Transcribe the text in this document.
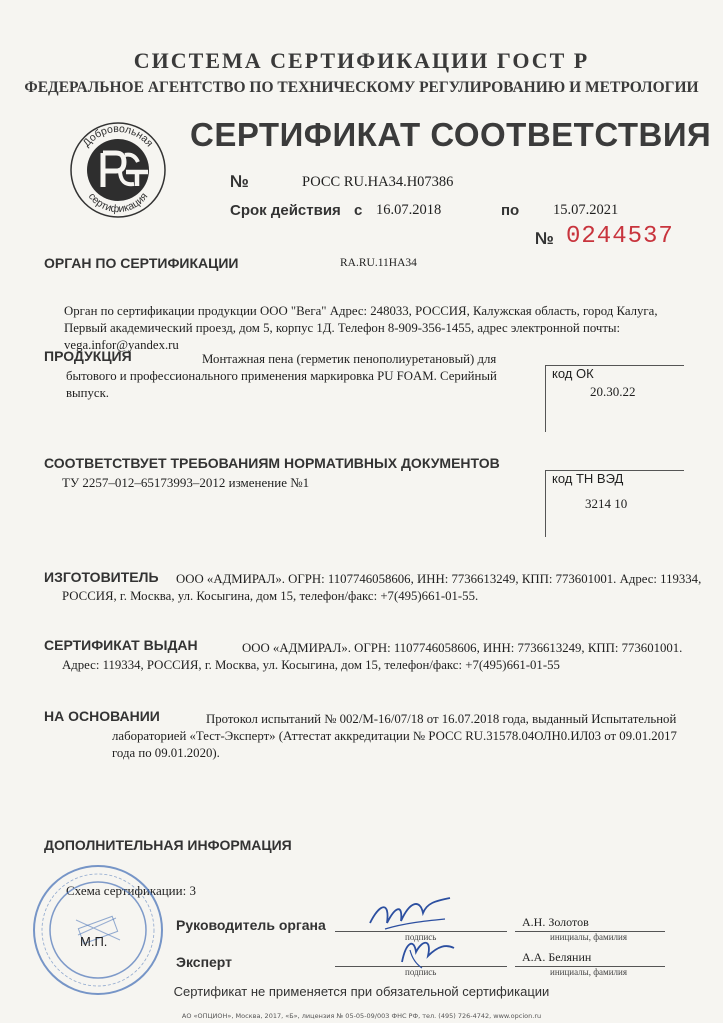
СИСТЕМА СЕРТИФИКАЦИИ ГОСТ Р
ФЕДЕРАЛЬНОЕ АГЕНТСТВО ПО ТЕХНИЧЕСКОМУ РЕГУЛИРОВАНИЮ И МЕТРОЛОГИИ
Добровольная
сертификация
СЕРТИФИКАТ СООТВЕТСТВИЯ
№	РОСС RU.HA34.H07386
Срок действия с 16.07.2018	по 15.07.2021
№ 0244537
ОРГАН ПО СЕРТИФИКАЦИИ	RA.RU.11HA34
Орган по сертификации продукции ООО "Вега" Адрес: 248033, РОССИЯ, Калужская область, город Калуга, Первый академический проезд, дом 5, корпус 1Д. Телефон 8-909-356-1455, адрес электронной почты: vega.infor@yandex.ru
ПРОДУКЦИЯ	Монтажная пена (герметик пенополиуретановый) для бытового и профессионального применения маркировка PU FOAM. Серийный выпуск.
код ОК
20.30.22
СООТВЕТСТВУЕТ ТРЕБОВАНИЯМ НОРМАТИВНЫХ ДОКУМЕНТОВ
ТУ 2257–012–65173993–2012 изменение №1	код ТН ВЭД
3214 10
ИЗГОТОВИТЕЛЬ	ООО «АДМИРАЛ». ОГРН: 1107746058606, ИНН: 7736613249, КПП: 773601001. Адрес: 119334, РОССИЯ, г. Москва, ул. Косыгина, дом 15, телефон/факс: +7(495)661-01-55.
СЕРТИФИКАТ ВЫДАН	ООО «АДМИРАЛ». ОГРН: 1107746058606, ИНН: 7736613249, КПП: 773601001. Адрес: 119334, РОССИЯ, г. Москва, ул. Косыгина, дом 15, телефон/факс: +7(495)661-01-55
НА ОСНОВАНИИ	Протокол испытаний № 002/М-16/07/18 от 16.07.2018 года, выданный Испытательной лабораторией «Тест-Эксперт» (Аттестат аккредитации № РОСС RU.31578.04ОЛН0.ИЛ03 от 09.01.2017 года по 09.01.2020).
ДОПОЛНИТЕЛЬНАЯ ИНФОРМАЦИЯ
Схема сертификации: 3
М.П.
Руководитель органа
подпись
А.Н. Золотов
инициалы, фамилия
Эксперт
подпись
А.А. Белянин
инициалы, фамилия
Сертификат не применяется при обязательной сертификации
АО «ОПЦИОН», Москва, 2017, «Б», лицензия № 05-05-09/003 ФНС РФ, тел. (495) 726-4742, www.opcion.ru
